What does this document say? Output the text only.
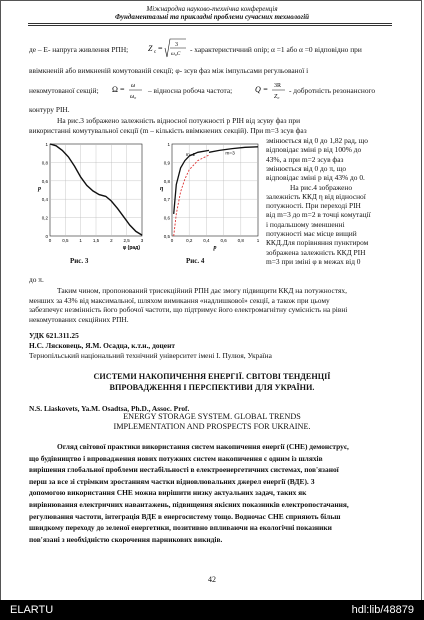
Міжнародна науково-технічна конференція
Фундаментальні та прикладні проблеми сучасних технологій
де – E- напруга живлення РПН; Z c = 3
ω₀C - характеристичний опір; α =1 або α =0 відповідно при
ввімкненій або вимкненій комутованій секції; φ- зсув фаз між імпульсами регульованої і
некомутованої секцій; Ω = ω
ω₀
– відносна робоча частота;	Q = 3R
Z₀
- добротність резонансного
контуру РІН.
На рис.3 зображено залежність відносної потужності p РІН від зсуву фаз при
використанні комутувальної секції (m – кількість ввімкнених секцій). При m=3 зсув фаз
1
0,8
0,6
0,4
0,2
0
0 0,5 1 1,5 2 2,5 3
p
φ (рад)
Рис. 3
1
0,9
0,8
0,7
0,6
0,5
0	0,2 0,4 0,6 0,8	1
η
p
m=3
m=2
Рис. 4
змінюється від 0 до 1,82 рад, що
відповідає зміні p від 100% до
43%, а при m=2 зсув фаз
змінюється від 0 до π, що
відповідає зміні p від 43% до 0.
На рис.4 зображено
залежність ККД η від відносної
потужності. При переході РІН
від m=3 до m=2 в точці комутації
і подальшому зменшенні
потужності має місце вищий
ККД.Для порівняння пунктиром
зображена залежність ККД РІН
m=3 при зміні φ в межах від 0
до π.
Таким чином, пропонований трисекційний РПН дає змогу підвищити ККД на потужностях,
менших за 43% від максимальної, шляхом вимикання «надлишкової» секції, а також при цьому
забезпечує незмінність його робочої частоти, що підтримує його електромагнітну сумісність на рівні
некомутованих секційних РПН.
УДК 621.311.25
Н.С. Лясковець, Я.М. Осадца, к.т.н., доцент
Тернопільський національний технічний університет імені І. Пулюя, Україна
СИСТЕМИ НАКОПИЧЕННЯ ЕНЕРГІЇ. СВІТОВІ ТЕНДЕНЦІЇ
ВПРОВАДЖЕННЯ І ПЕРСПЕКТИВИ ДЛЯ УКРАЇНИ.
N.S. Liaskovets, Ya.M. Osadtsa, Ph.D., Assoc. Prof.
ENERGY STORAGE SYSTEM. GLOBAL TRENDS
IMPLEMENTATION AND PROSPECTS FOR UKRAINE.
Огляд світової практики використання систем накопичення енергії (СНЕ) демонструє,
що будівництво і впровадження нових потужних систем накопичення є одним із шляхів
вирішення глобальної проблеми нестабільності в електроенергетичних системах, пов'язаної
перш за все зі стрімким зростанням частки відновлювальних джерел енергії (ВДЕ). З
допомогою використання СНЕ можна вирішити низку актуальних задач, таких як
вирівнювання електричних навантажень, підвищення якісних показників електропостачання,
регулювання частоти, інтеграція ВДЕ в енергосистему тощо. Водночас СНЕ сприяють більш
швидкому переходу до зеленої енергетики, позитивно впливаючи на екологічні показники
пов'язані з необхідністю скорочення парникових викидів.
42
ELARTU	hdl:lib/48879
